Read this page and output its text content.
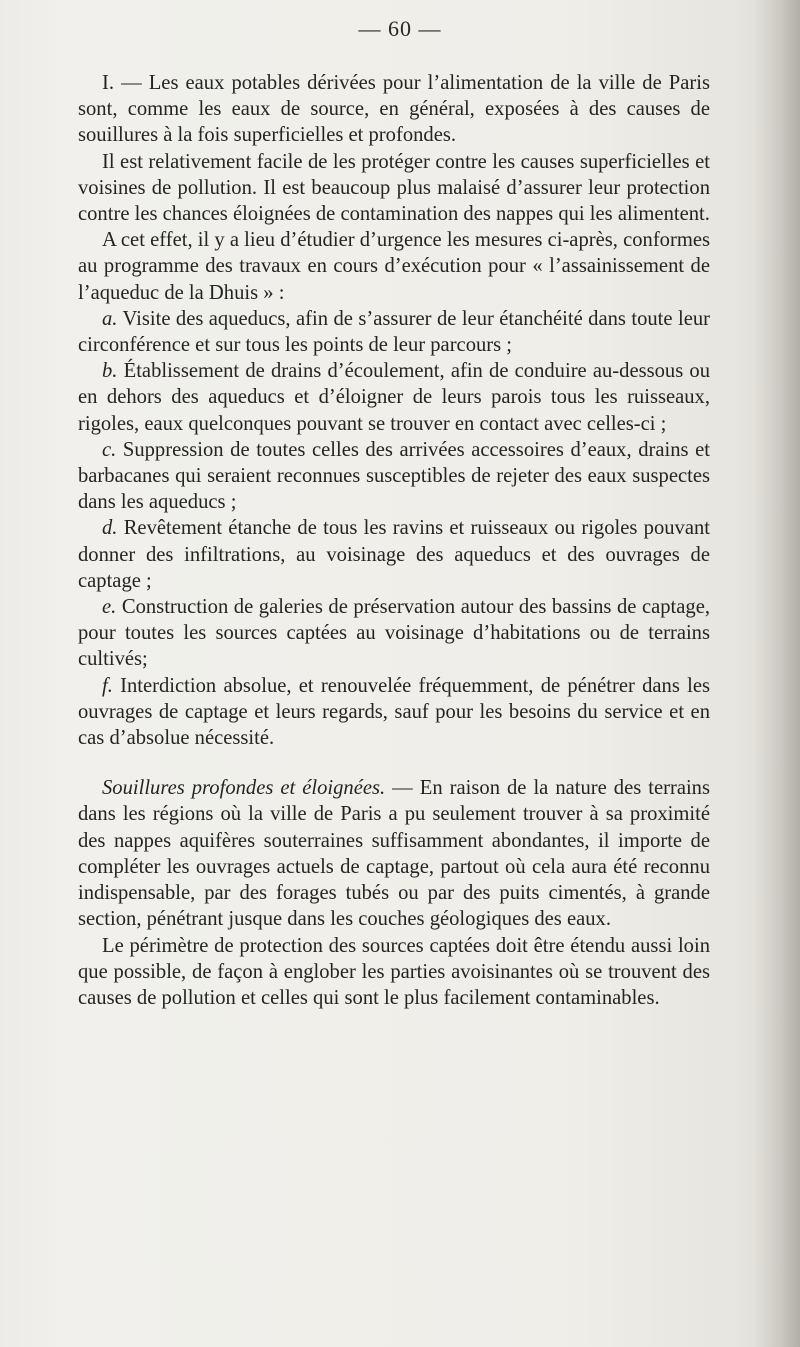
— 60 —

I. — Les eaux potables dérivées pour l’alimentation de la ville de Paris sont, comme les eaux de source, en général, exposées à des causes de souillures à la fois superficielles et profondes.

Il est relativement facile de les protéger contre les causes superficielles et voisines de pollution. Il est beaucoup plus malaisé d’assurer leur protection contre les chances éloignées de contamination des nappes qui les alimentent.

A cet effet, il y a lieu d’étudier d’urgence les mesures ci-après, conformes au programme des travaux en cours d’exécution pour « l’assainissement de l’aqueduc de la Dhuis » :

a. Visite des aqueducs, afin de s’assurer de leur étanchéité dans toute leur circonférence et sur tous les points de leur parcours ;

b. Établissement de drains d’écoulement, afin de conduire au-dessous ou en dehors des aqueducs et d’éloigner de leurs parois tous les ruisseaux, rigoles, eaux quelconques pouvant se trouver en contact avec celles-ci ;

c. Suppression de toutes celles des arrivées accessoires d’eaux, drains et barbacanes qui seraient reconnues susceptibles de rejeter des eaux suspectes dans les aqueducs ;

d. Revêtement étanche de tous les ravins et ruisseaux ou rigoles pouvant donner des infiltrations, au voisinage des aqueducs et des ouvrages de captage ;

e. Construction de galeries de préservation autour des bassins de captage, pour toutes les sources captées au voisinage d’habitations ou de terrains cultivés;

f. Interdiction absolue, et renouvelée fréquemment, de pénétrer dans les ouvrages de captage et leurs regards, sauf pour les besoins du service et en cas d’absolue nécessité.

Souillures profondes et éloignées. — En raison de la nature des terrains dans les régions où la ville de Paris a pu seulement trouver à sa proximité des nappes aquifères souterraines suffisamment abondantes, il importe de compléter les ouvrages actuels de captage, partout où cela aura été reconnu indispensable, par des forages tubés ou par des puits cimentés, à grande section, pénétrant jusque dans les couches géologiques des eaux.

Le périmètre de protection des sources captées doit être étendu aussi loin que possible, de façon à englober les parties avoisinantes où se trouvent des causes de pollution et celles qui sont le plus facilement contaminables.
